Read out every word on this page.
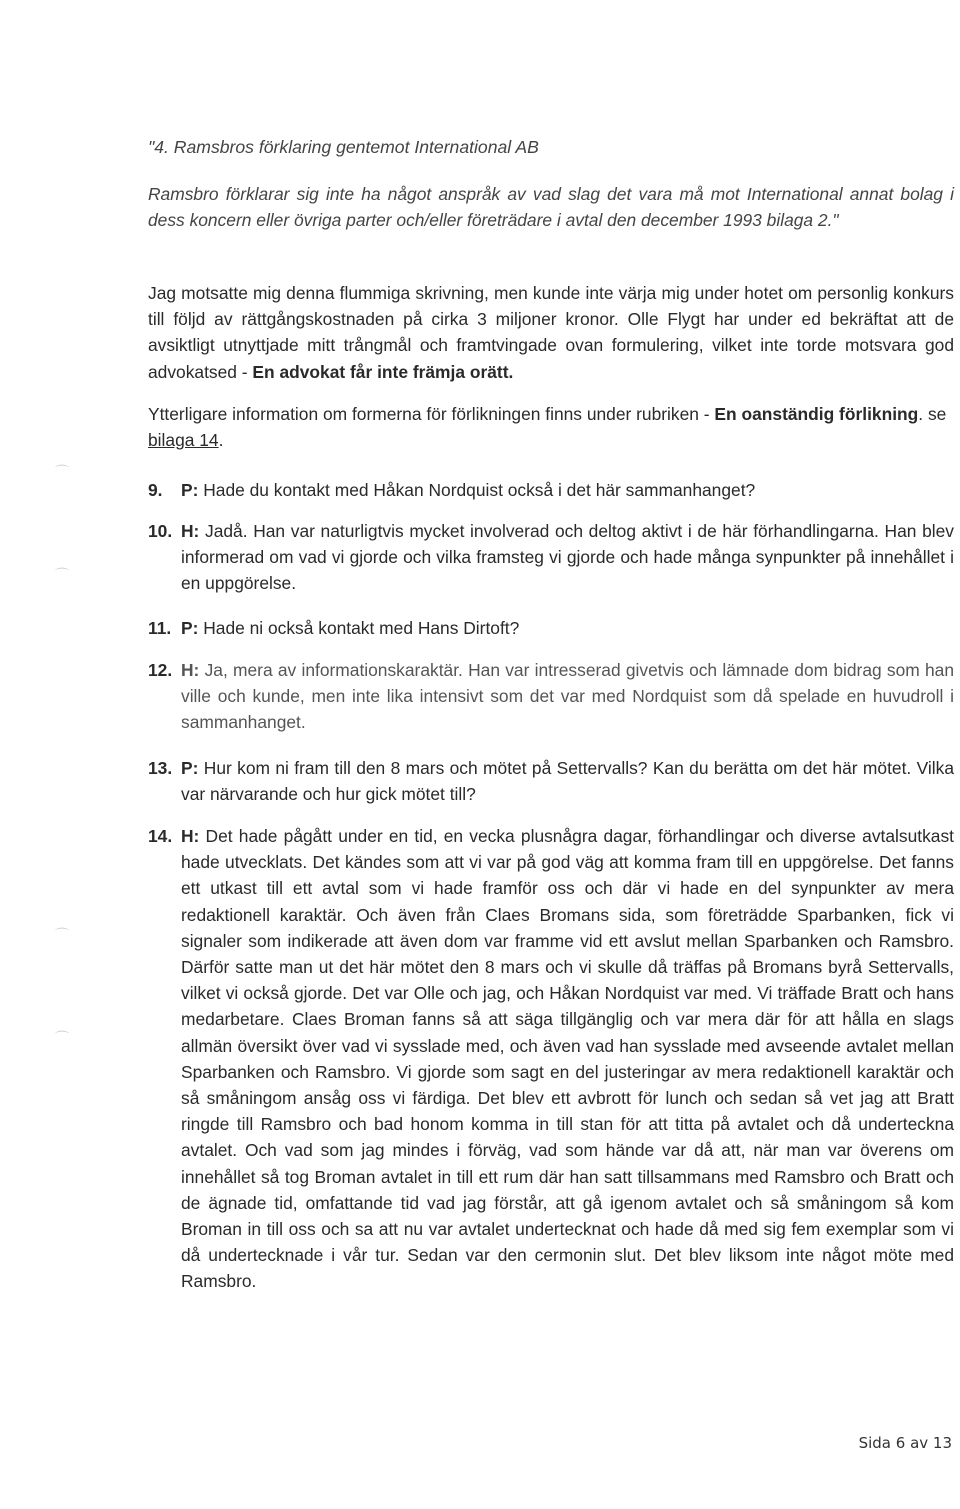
"4. Ramsbros förklaring gentemot International AB
Ramsbro förklarar sig inte ha något anspråk av vad slag det vara må mot International annat bolag i dess koncern eller övriga parter och/eller företrädare i avtal den december 1993 bilaga 2."
Jag motsatte mig denna flummiga skrivning, men kunde inte värja mig under hotet om personlig konkurs till följd av rättgångskostnaden på cirka 3 miljoner kronor. Olle Flygt har under ed bekräftat att de avsiktligt utnyttjade mitt trångmål och framtvingade ovan formulering, vilket inte torde motsvara god advokatsed - En advokat får inte främja orätt.
Ytterligare information om formerna för förlikningen finns under rubriken - En oanständig förlikning. se bilaga 14.
9. P: Hade du kontakt med Håkan Nordquist också i det här sammanhanget?
10. H: Jadå. Han var naturligtvis mycket involverad och deltog aktivt i de här förhandlingarna. Han blev informerad om vad vi gjorde och vilka framsteg vi gjorde och hade många synpunkter på innehållet i en uppgörelse.
11. P: Hade ni också kontakt med Hans Dirtoft?
12. H: Ja, mera av informationskaraktär. Han var intresserad givetvis och lämnade dom bidrag som han ville och kunde, men inte lika intensivt som det var med Nordquist som då spelade en huvudroll i sammanhanget.
13. P: Hur kom ni fram till den 8 mars och mötet på Settervalls? Kan du berätta om det här mötet. Vilka var närvarande och hur gick mötet till?
14. H: Det hade pågått under en tid, en vecka plusnågra dagar, förhandlingar och diverse avtalsutkast hade utvecklats. Det kändes som att vi var på god väg att komma fram till en uppgörelse. Det fanns ett utkast till ett avtal som vi hade framför oss och där vi hade en del synpunkter av mera redaktionell karaktär. Och även från Claes Bromans sida, som företrädde Sparbanken, fick vi signaler som indikerade att även dom var framme vid ett avslut mellan Sparbanken och Ramsbro. Därför satte man ut det här mötet den 8 mars och vi skulle då träffas på Bromans byrå Settervalls, vilket vi också gjorde. Det var Olle och jag, och Håkan Nordquist var med. Vi träffade Bratt och hans medarbetare. Claes Broman fanns så att säga tillgänglig och var mera där för att hålla en slags allmän översikt över vad vi sysslade med, och även vad han sysslade med avseende avtalet mellan Sparbanken och Ramsbro. Vi gjorde som sagt en del justeringar av mera redaktionell karaktär och så småningom ansåg oss vi färdiga. Det blev ett avbrott för lunch och sedan så vet jag att Bratt ringde till Ramsbro och bad honom komma in till stan för att titta på avtalet och då underteckna avtalet. Och vad som jag mindes i förväg, vad som hände var då att, när man var överens om innehållet så tog Broman avtalet in till ett rum där han satt tillsammans med Ramsbro och Bratt och de ägnade tid, omfattande tid vad jag förstår, att gå igenom avtalet och så småningom så kom Broman in till oss och sa att nu var avtalet undertecknat och hade då med sig fem exemplar som vi då undertecknade i vår tur. Sedan var den cermonin slut. Det blev liksom inte något möte med Ramsbro.
⌒
⌒
⌒
⌒
Sida 6 av 13
